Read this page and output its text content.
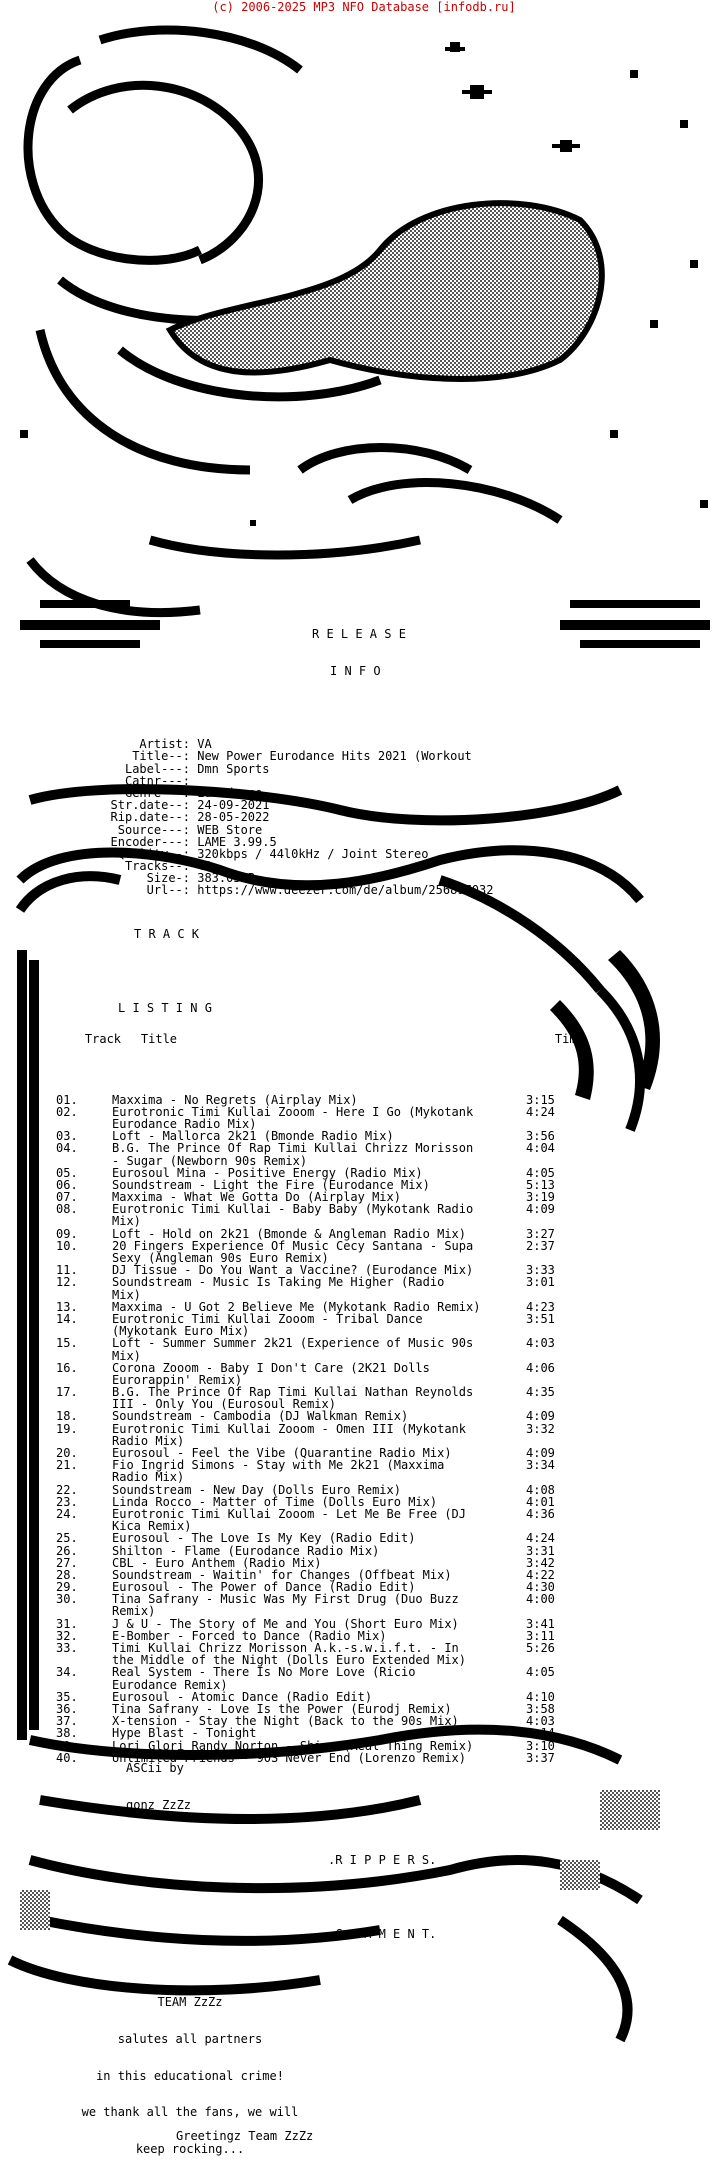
(c) 2006-2025 MP3 NFO Database [infodb.ru]

R E L E A S E

I N F O

Artist: VA
Title--: New Power Eurodance Hits 2021 (Workout
Label---: Dmn Sports
Catnr---:
Genre---: Eurodance
Str.date--: 24-09-2021
Rip.date--: 28-05-2022
Source---: WEB Store
Encoder---: LAME 3.99.5
Quality--: 320kbps / 44l0kHz / Joint Stereo
Tracks--: 40
Size-: 383.03MB
Url--: https://www.deezer.com/de/album/256897032

T R A C K

L I S T I N G

Track Title	Time

01.	Maxxima - No Regrets (Airplay Mix)	3:15
02.	Eurotronic Timi Kullai Zooom - Here I Go (Mykotank	4:24
Eurodance Radio Mix)
03.	Loft - Mallorca 2k21 (Bmonde Radio Mix)	3:56
04.	B.G. The Prince Of Rap Timi Kullai Chrizz Morisson	4:04
- Sugar (Newborn 90s Remix)
05.	Eurosoul Mina - Positive Energy (Radio Mix)	4:05
06.	Soundstream - Light the Fire (Eurodance Mix)	5:13
07.	Maxxima - What We Gotta Do (Airplay Mix)	3:19
08.	Eurotronic Timi Kullai - Baby Baby (Mykotank Radio	4:09
Mix)
09.	Loft - Hold on 2k21 (Bmonde & Angleman Radio Mix)	3:27
10.	20 Fingers Experience Of Music Cecy Santana - Supa	2:37
Sexy (Angleman 90s Euro Remix)
11.	DJ Tissue - Do You Want a Vaccine? (Eurodance Mix)	3:33
12.	Soundstream - Music Is Taking Me Higher (Radio	3:01
Mix)
13.	Maxxima - U Got 2 Believe Me (Mykotank Radio Remix)	4:23
14.	Eurotronic Timi Kullai Zooom - Tribal Dance	3:51
(Mykotank Euro Mix)
15.	Loft - Summer Summer 2k21 (Experience of Music 90s	4:03
Mix)
16.	Corona Zooom - Baby I Don't Care (2K21 Dolls	4:06
Eurorappin' Remix)
17.	B.G. The Prince Of Rap Timi Kullai Nathan Reynolds	4:35
III - Only You (Eurosoul Remix)
18.	Soundstream - Cambodia (DJ Walkman Remix)	4:09
19.	Eurotronic Timi Kullai Zooom - Omen III (Mykotank	3:32
Radio Mix)
20.	Eurosoul - Feel the Vibe (Quarantine Radio Mix)	4:09
21.	Fio Ingrid Simons - Stay with Me 2k21 (Maxxima	3:34
Radio Mix)
22.	Soundstream - New Day (Dolls Euro Remix)	4:08
23.	Linda Rocco - Matter of Time (Dolls Euro Mix)	4:01
24.	Eurotronic Timi Kullai Zooom - Let Me Be Free (DJ	4:36
Kica Remix)
25.	Eurosoul - The Love Is My Key (Radio Edit)	4:24
26.	Shilton - Flame (Eurodance Radio Mix)	3:31
27.	CBL - Euro Anthem (Radio Mix)	3:42
28.	Soundstream - Waitin' for Changes (Offbeat Mix)	4:22
29.	Eurosoul - The Power of Dance (Radio Edit)	4:30
30.	Tina Safrany - Music Was My First Drug (Duo Buzz	4:00
Remix)
31.	J & U - The Story of Me and You (Short Euro Mix)	3:41
32.	E-Bomber - Forced to Dance (Radio Mix)	3:11
33.	Timi Kullai Chrizz Morisson A.k.-s.w.i.f.t. - In	5:26
the Middle of the Night (Dolls Euro Extended Mix)
34.	Real System - There Is No More Love (Ricio	4:05
Eurodance Remix)
35.	Eurosoul - Atomic Dance (Radio Edit)	4:10
36.	Tina Safrany - Love Is the Power (Eurodj Remix)	3:58
37.	X-tension - Stay the Night (Back to the 90s Mix)	4:03
38.	Hype Blast - Tonight	4:14
39.	Lori Glori Randy Norton - Shine (Real Thing Remix)	3:10
40.	Unlimited Friends - 90S Never End (Lorenzo Remix)	3:37

ASCii by

gonz_ZzZz

.R I P P E R S.

.C O M M E N T.

TEAM ZzZz

salutes all partners

in this educational crime!

we thank all the fans, we will

keep rocking...

Greetingz Team ZzZz
